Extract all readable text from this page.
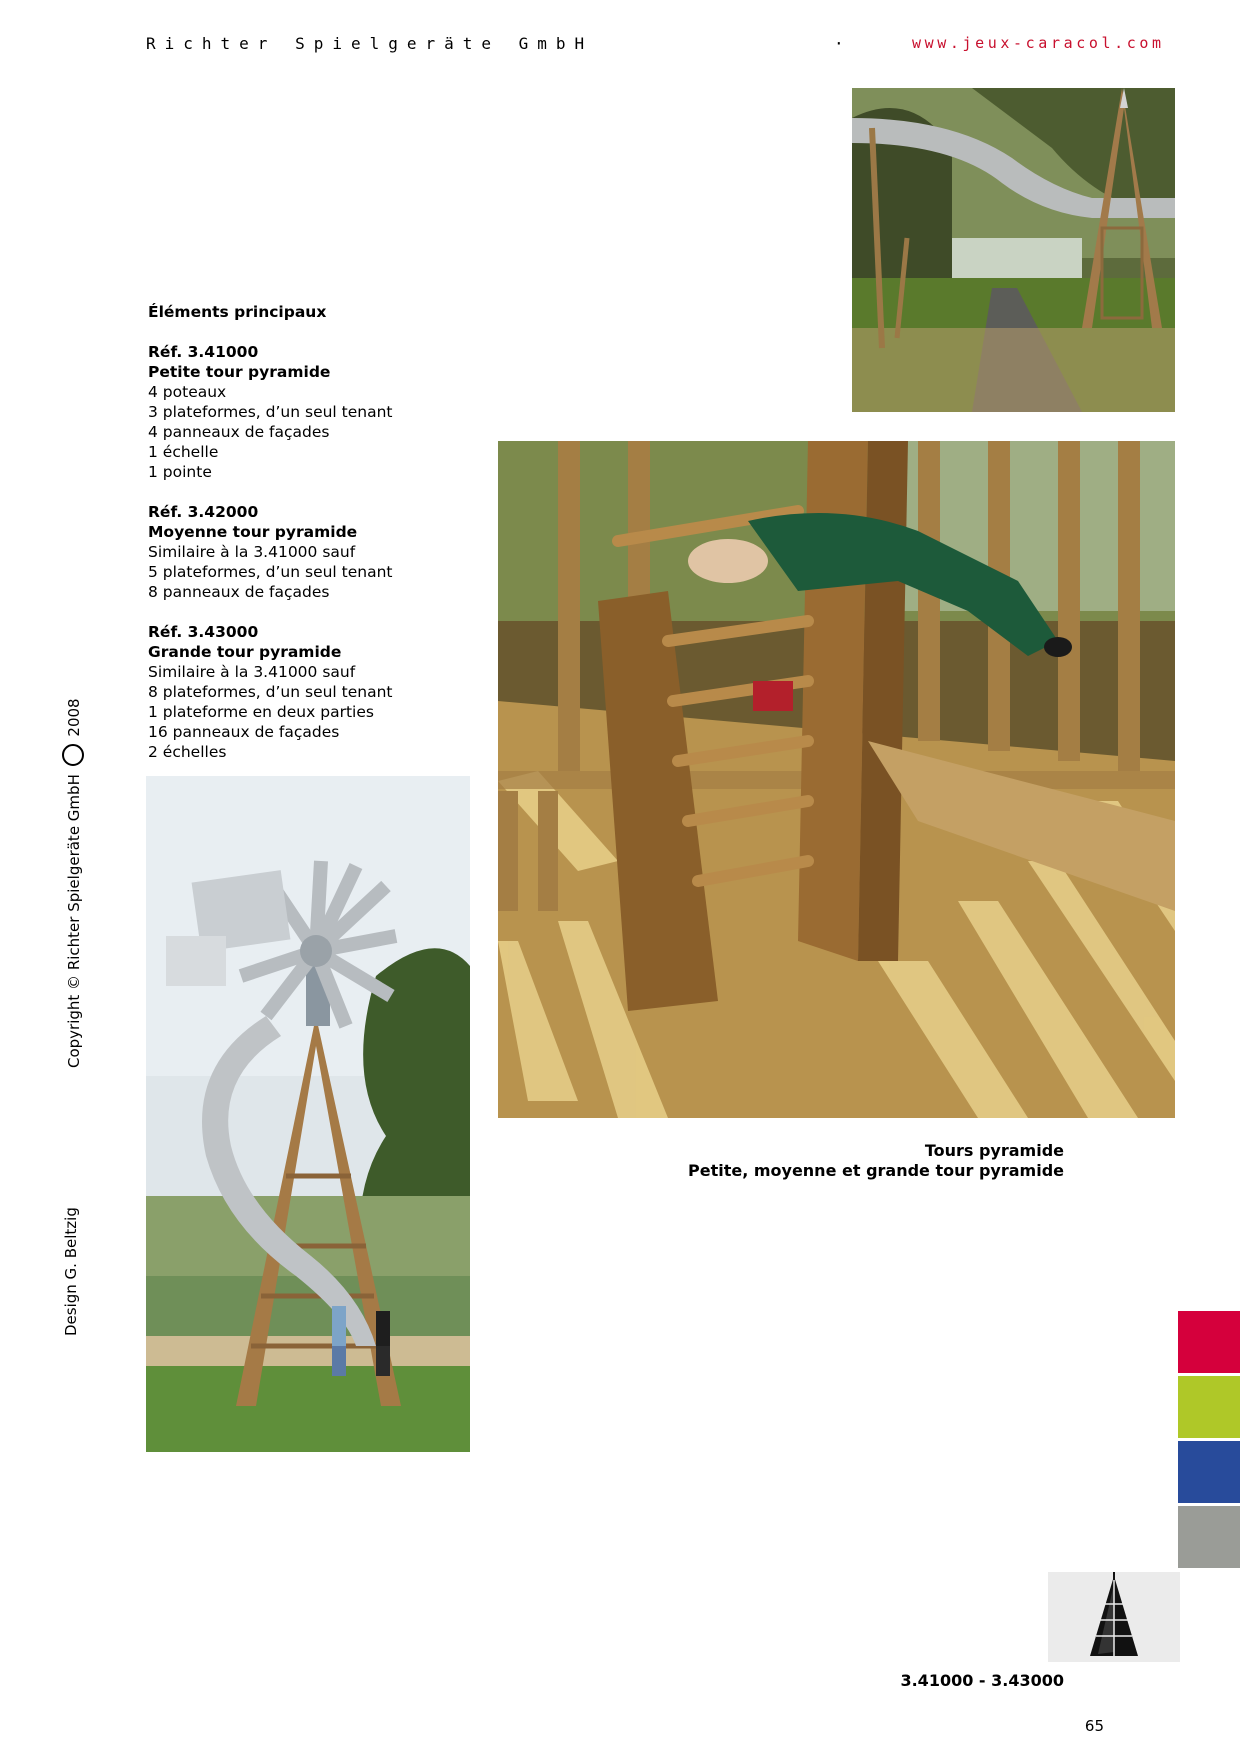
Richter Spielgeräte GmbH	·	www.jeux-caracol.com
Éléments principaux
Réf. 3.41000
Petite tour pyramide
4 poteaux
3 plateformes, d’un seul tenant
4 panneaux de façades
1 échelle
1 pointe
Réf. 3.42000
Moyenne tour pyramide
Similaire à la 3.41000 sauf
5 plateformes, d’un seul tenant
8 panneaux de façades
Réf. 3.43000
Grande tour pyramide
Similaire à la 3.41000 sauf
8 plateformes, d’un seul tenant
1 plateforme en deux parties
16 panneaux de façades
2 échelles
Copyright © Richter Spielgeräte GmbH  2008
Design G. Beltzig
Tours pyramide
Petite, moyenne et grande tour pyramide
3.41000 - 3.43000
65
